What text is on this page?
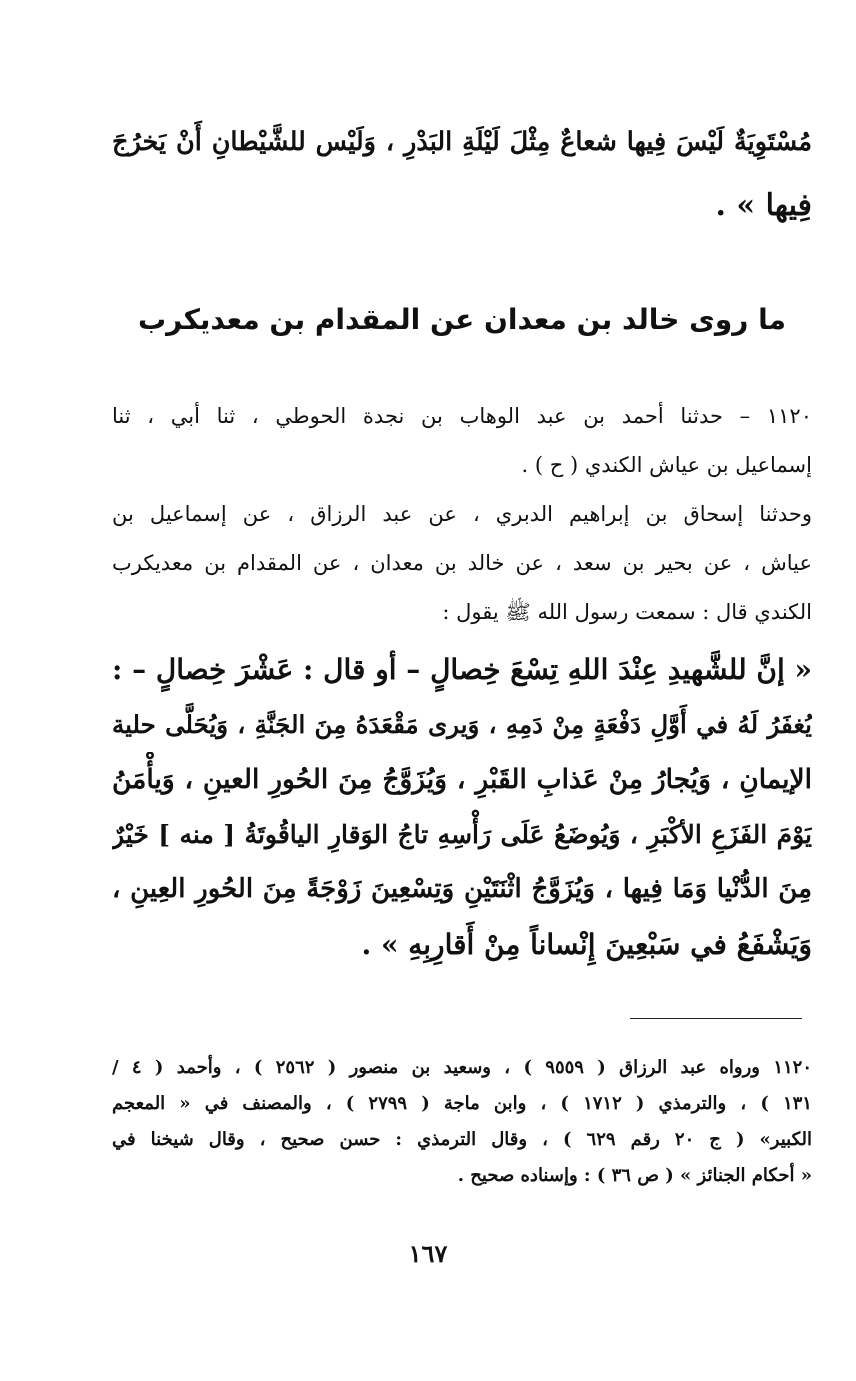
مُسْتَوِيَةٌ لَيْسَ فِيها شعاعٌ مِثْلَ لَيْلَةِ البَدْرِ ، وَلَيْس للشَّيْطانِ أَنْ يَخرُجَ
فِيها » .
ما روى خالد بن معدان عن المقدام بن معديكرب
١١٢٠ – حدثنا أحمد بن عبد الوهاب بن نجدة الحوطي ، ثنا أبي ، ثنا
إسماعيل بن عياش الكندي ( ح ) .
وحدثنا إسحاق بن إبراهيم الدبري ، عن عبد الرزاق ، عن إسماعيل بن
عياش ، عن بحير بن سعد ، عن خالد بن معدان ، عن المقدام بن معديكرب
الكندي قال : سمعت رسول الله ﷺ يقول :
« إنَّ للشَّهيدِ عِنْدَ اللهِ تِسْعَ خِصالٍ – أو قال : عَشْرَ خِصالٍ – :
يُغفَرُ لَهُ في أَوَّلِ دَفْعَةٍ مِنْ دَمِهِ ، وَيرى مَقْعَدَهُ مِنَ الجَنَّةِ ، وَيُحَلَّى حلية
الإيمانِ ، وَيُجارُ مِنْ عَذابِ القَبْرِ ، وَيُزَوَّجُ مِنَ الحُورِ العينِ ، وَيأْمَنُ
يَوْمَ الفَزَعِ الأكْبَرِ ، وَيُوضَعُ عَلَى رَأْسِهِ تاجُ الوَقارِ الياقُوتَةُ [ منه ] خَيْرٌ
مِنَ الدُّنْيا وَمَا فِيها ، وَيُزَوَّجُ اثْنَتَيْنِ وَتِسْعِينَ زَوْجَةً مِنَ الحُورِ العِينِ ،
وَيَشْفَعُ في سَبْعِينَ إِنْساناً مِنْ أَقارِبِهِ » .
١١٢٠ ورواه عبد الرزاق ( ٩٥٥٩ ) ، وسعيد بن منصور ( ٢٥٦٢ ) ، وأحمد ( ٤ /
١٣١ ) ، والترمذي ( ١٧١٢ ) ، وابن ماجة ( ٢٧٩٩ ) ، والمصنف في « المعجم
الكبير» ( ج ٢٠ رقم ٦٢٩ ) ، وقال الترمذي : حسن صحيح ، وقال شيخنا في
« أحكام الجنائز » ( ص ٣٦ ) : وإسناده صحيح .
١٦٧
